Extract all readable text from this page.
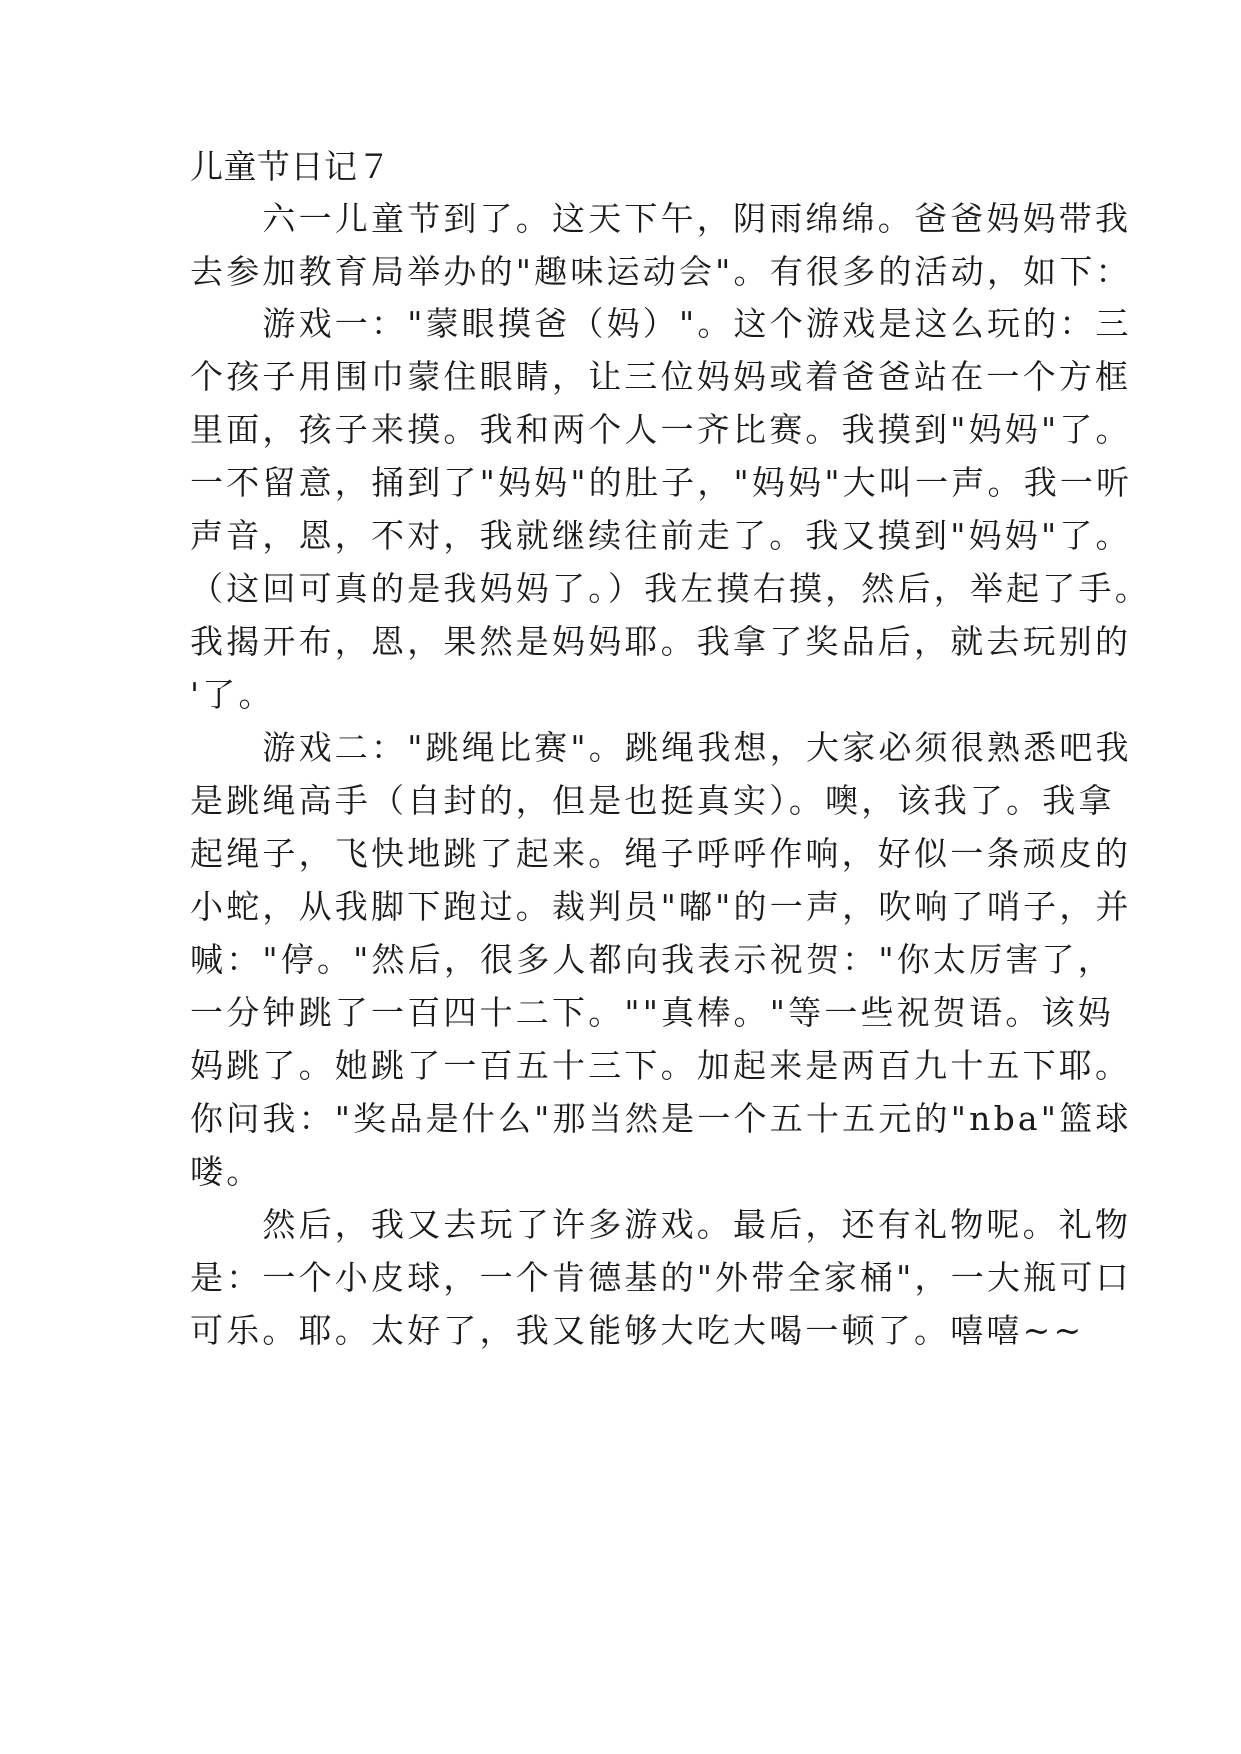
儿童节日记７
　　六一儿童节到了。这天下午，阴雨绵绵。爸爸妈妈带我
去参加教育局举办的"趣味运动会"。有很多的活动，如下：
　　游戏一："蒙眼摸爸（妈）"。这个游戏是这么玩的：三
个孩子用围巾蒙住眼睛，让三位妈妈或着爸爸站在一个方框
里面，孩子来摸。我和两个人一齐比赛。我摸到"妈妈"了。
一不留意，捅到了"妈妈"的肚子，"妈妈"大叫一声。我一听
声音，恩，不对，我就继续往前走了。我又摸到"妈妈"了。
（这回可真的是我妈妈了。）我左摸右摸，然后，举起了手。
我揭开布，恩，果然是妈妈耶。我拿了奖品后，就去玩别的
'了。
　　游戏二："跳绳比赛"。跳绳我想，大家必须很熟悉吧我
是跳绳高手（自封的，但是也挺真实）。噢，该我了。我拿
起绳子，飞快地跳了起来。绳子呼呼作响，好似一条顽皮的
小蛇，从我脚下跑过。裁判员"嘟"的一声，吹响了哨子，并
喊："停。"然后，很多人都向我表示祝贺："你太厉害了，
一分钟跳了一百四十二下。""真棒。"等一些祝贺语。该妈
妈跳了。她跳了一百五十三下。加起来是两百九十五下耶。
你问我："奖品是什么"那当然是一个五十五元的"nba"篮球
喽。
　　然后，我又去玩了许多游戏。最后，还有礼物呢。礼物
是：一个小皮球，一个肯德基的"外带全家桶"，一大瓶可口
可乐。耶。太好了，我又能够大吃大喝一顿了。嘻嘻~~
